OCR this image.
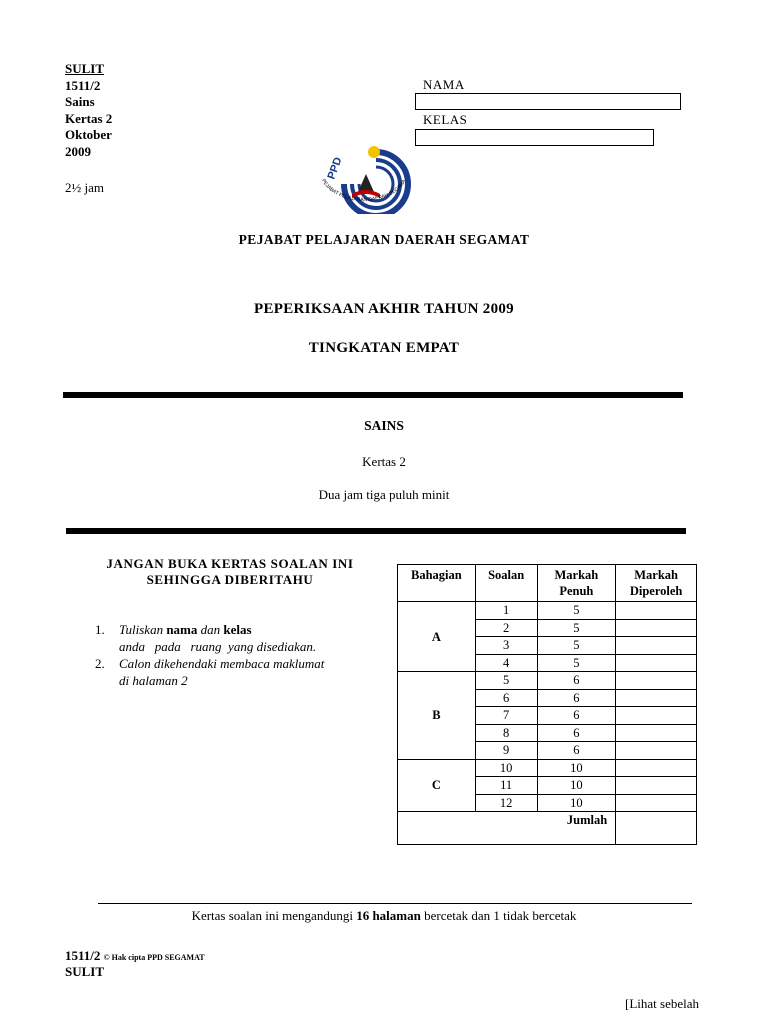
SULIT
1511/2
Sains
Kertas 2
Oktober
2009
2½ jam
NAMA
KELAS
PPD
PEJABAT PELAJARAN DAERAH SEGAMA
PEJABAT PELAJARAN DAERAH SEGAMAT
PEPERIKSAAN AKHIR TAHUN 2009
TINGKATAN EMPAT
SAINS
Kertas 2
Dua jam tiga puluh minit
JANGAN BUKA KERTAS SOALAN INI
SEHINGGA DIBERITAHU
1.	Tuliskan nama dan kelas
anda   pada   ruang  yang disediakan.
2.	Calon dikehendaki membaca maklumat
di halaman 2
Bahagian	Soalan	Markah Penuh	Markah Diperoleh
A	1	5	
	2	5	
	3	5	
	4	5	
B	5	6	
	6	6	
	7	6	
	8	6	
	9	6	
C	10	10	
	11	10	
	12	10	
Jumlah			
Kertas soalan ini mengandungi 16 halaman bercetak dan 1 tidak bercetak
1511/2 © Hak cipta PPD SEGAMAT
SULIT
[Lihat sebelah
